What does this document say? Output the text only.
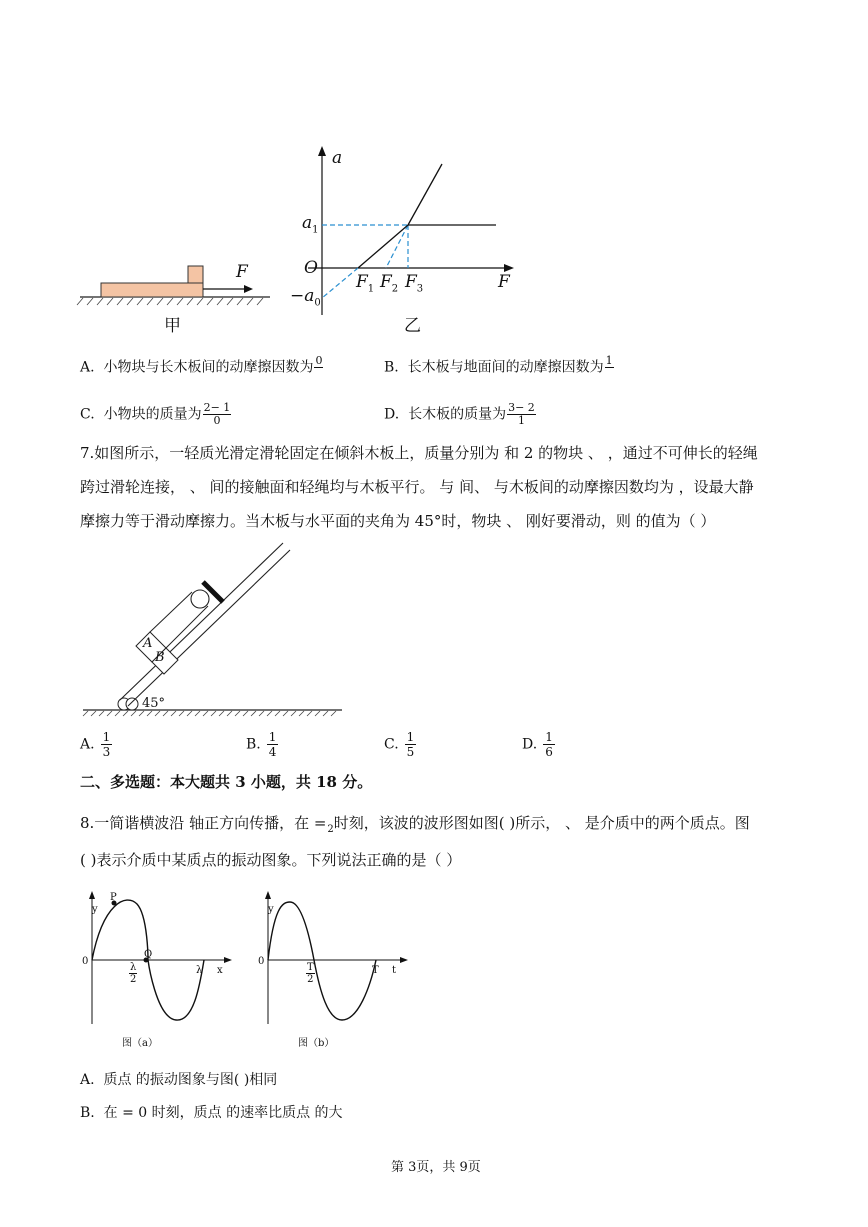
F
甲
a
F
O
$a_1$
$-a_0$
$F_1$ $F_2$ $F_3$
乙
A. 小物块与长木板间的动摩擦因数为 0
	B. 长木板与地面间的动摩擦因数为 1

C. 小物块的质量为 $\frac{2- 1}{0}$	D. 长木板的质量为 $\frac{3- 2}{1}$
7.如图所示，一轻质光滑定滑轮固定在倾斜木板上，质量分别为 和 2 的物块 、 ，通过不可伸长的轻绳
跨过滑轮连接， 、 间的接触面和轻绳均与木板平行。 与 间、 与木板间的动摩擦因数均为 ，设最大静
摩擦力等于滑动摩擦力。当木板与水平面的夹角为 45°时，物块 、 刚好要滑动，则 的值为（ ）
A
B
45°
A. $\frac{1}{3}$	B. $\frac{1}{4}$	C. $\frac{1}{5}$	D. $\frac{1}{6}$
二、多选题：本大题共 3 小题，共 18 分。
8.一简谐横波沿 轴正方向传播，在 =
2 时刻，该波的波形图如图( )所示， 、 是介质中的两个质点。图
( )表示介质中某质点的振动图象。下列说法正确的是（ ）
y
0
x
P
Q
$\frac{\lambda}{2}$	λ
图（a）
y
0
t
$\frac{T}{2}$	T
图（b）
A. 质点 的振动图象与图( )相同
B. 在 = 0 时刻，质点 的速率比质点 的大
第 3页，共 9页
